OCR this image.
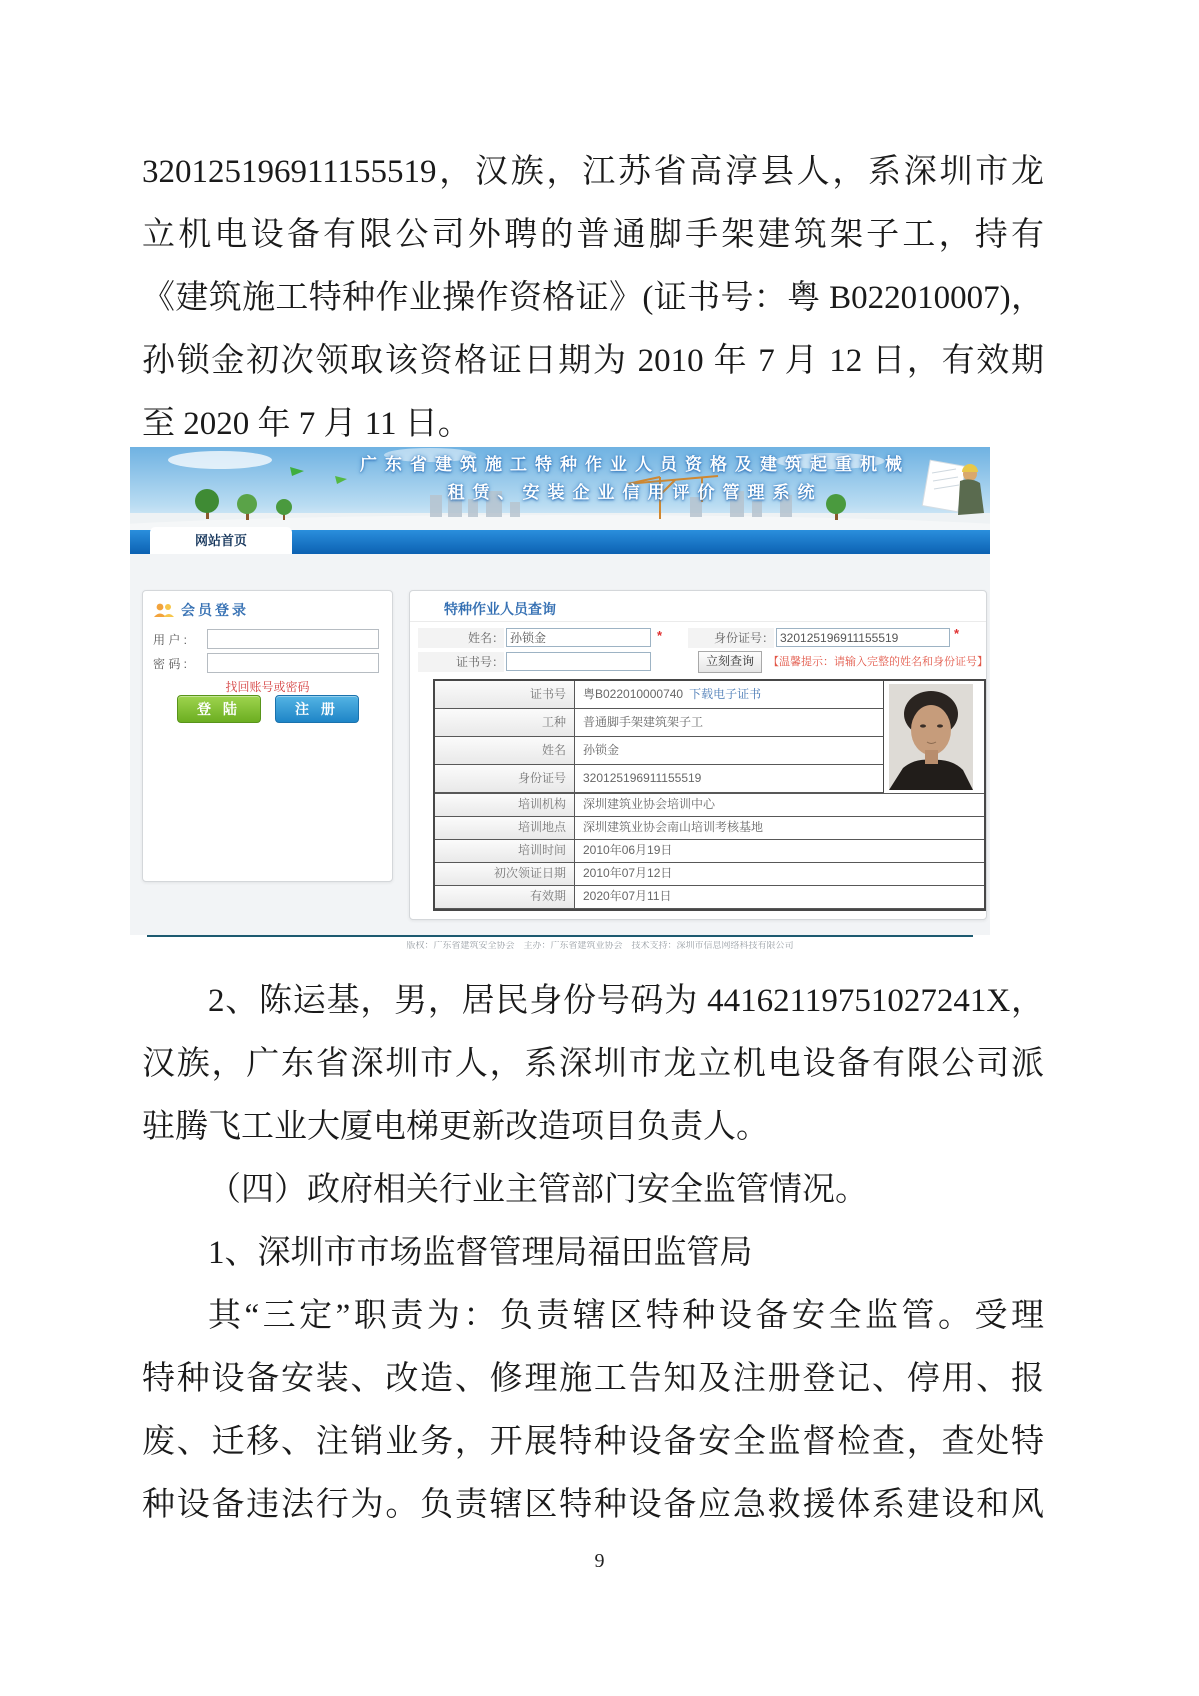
320125196911155519，汉族，江苏省高淳县人，系深圳市龙
立机电设备有限公司外聘的普通脚手架建筑架子工，持有
《建筑施工特种作业操作资格证》(证书号：粤 B022010007)，
孙锁金初次领取该资格证日期为 2010 年 7 月 12 日，有效期
至 2020 年 7 月 11 日。
广东省建筑施工特种作业人员资格及建筑起重机械
租赁、安装企业信用评价管理系统
网站首页
会员登录
用 户 :
密 码 :
找回账号或密码
登 陆	注 册
特种作业人员查询
姓名：
孙锁金	*	身份证号：
320125196911155519	*
证书号：	立刻查询	【温馨提示：请输入完整的姓名和身份证号】
证书号	粤B022010000740 下载电子证书
工种	普通脚手架建筑架子工
姓名	孙锁金
身份证号	320125196911155519
培训机构	深圳建筑业协会培训中心
培训地点	深圳建筑业协会南山培训考核基地
培训时间	2010年06月19日
初次领证日期	2010年07月12日
有效期	2020年07月11日
版权：广东省建筑安全协会　主办：广东省建筑业协会　技术支持：深圳市信息网络科技有限公司
2、陈运基，男，居民身份号码为 44162119751027241X，
汉族，广东省深圳市人，系深圳市龙立机电设备有限公司派
驻腾飞工业大厦电梯更新改造项目负责人。
（四）政府相关行业主管部门安全监管情况。
1、深圳市市场监督管理局福田监管局
其“三定”职责为：负责辖区特种设备安全监管。受理
特种设备安装、改造、修理施工告知及注册登记、停用、报
废、迁移、注销业务，开展特种设备安全监督检查，查处特
种设备违法行为。负责辖区特种设备应急救援体系建设和风
9
